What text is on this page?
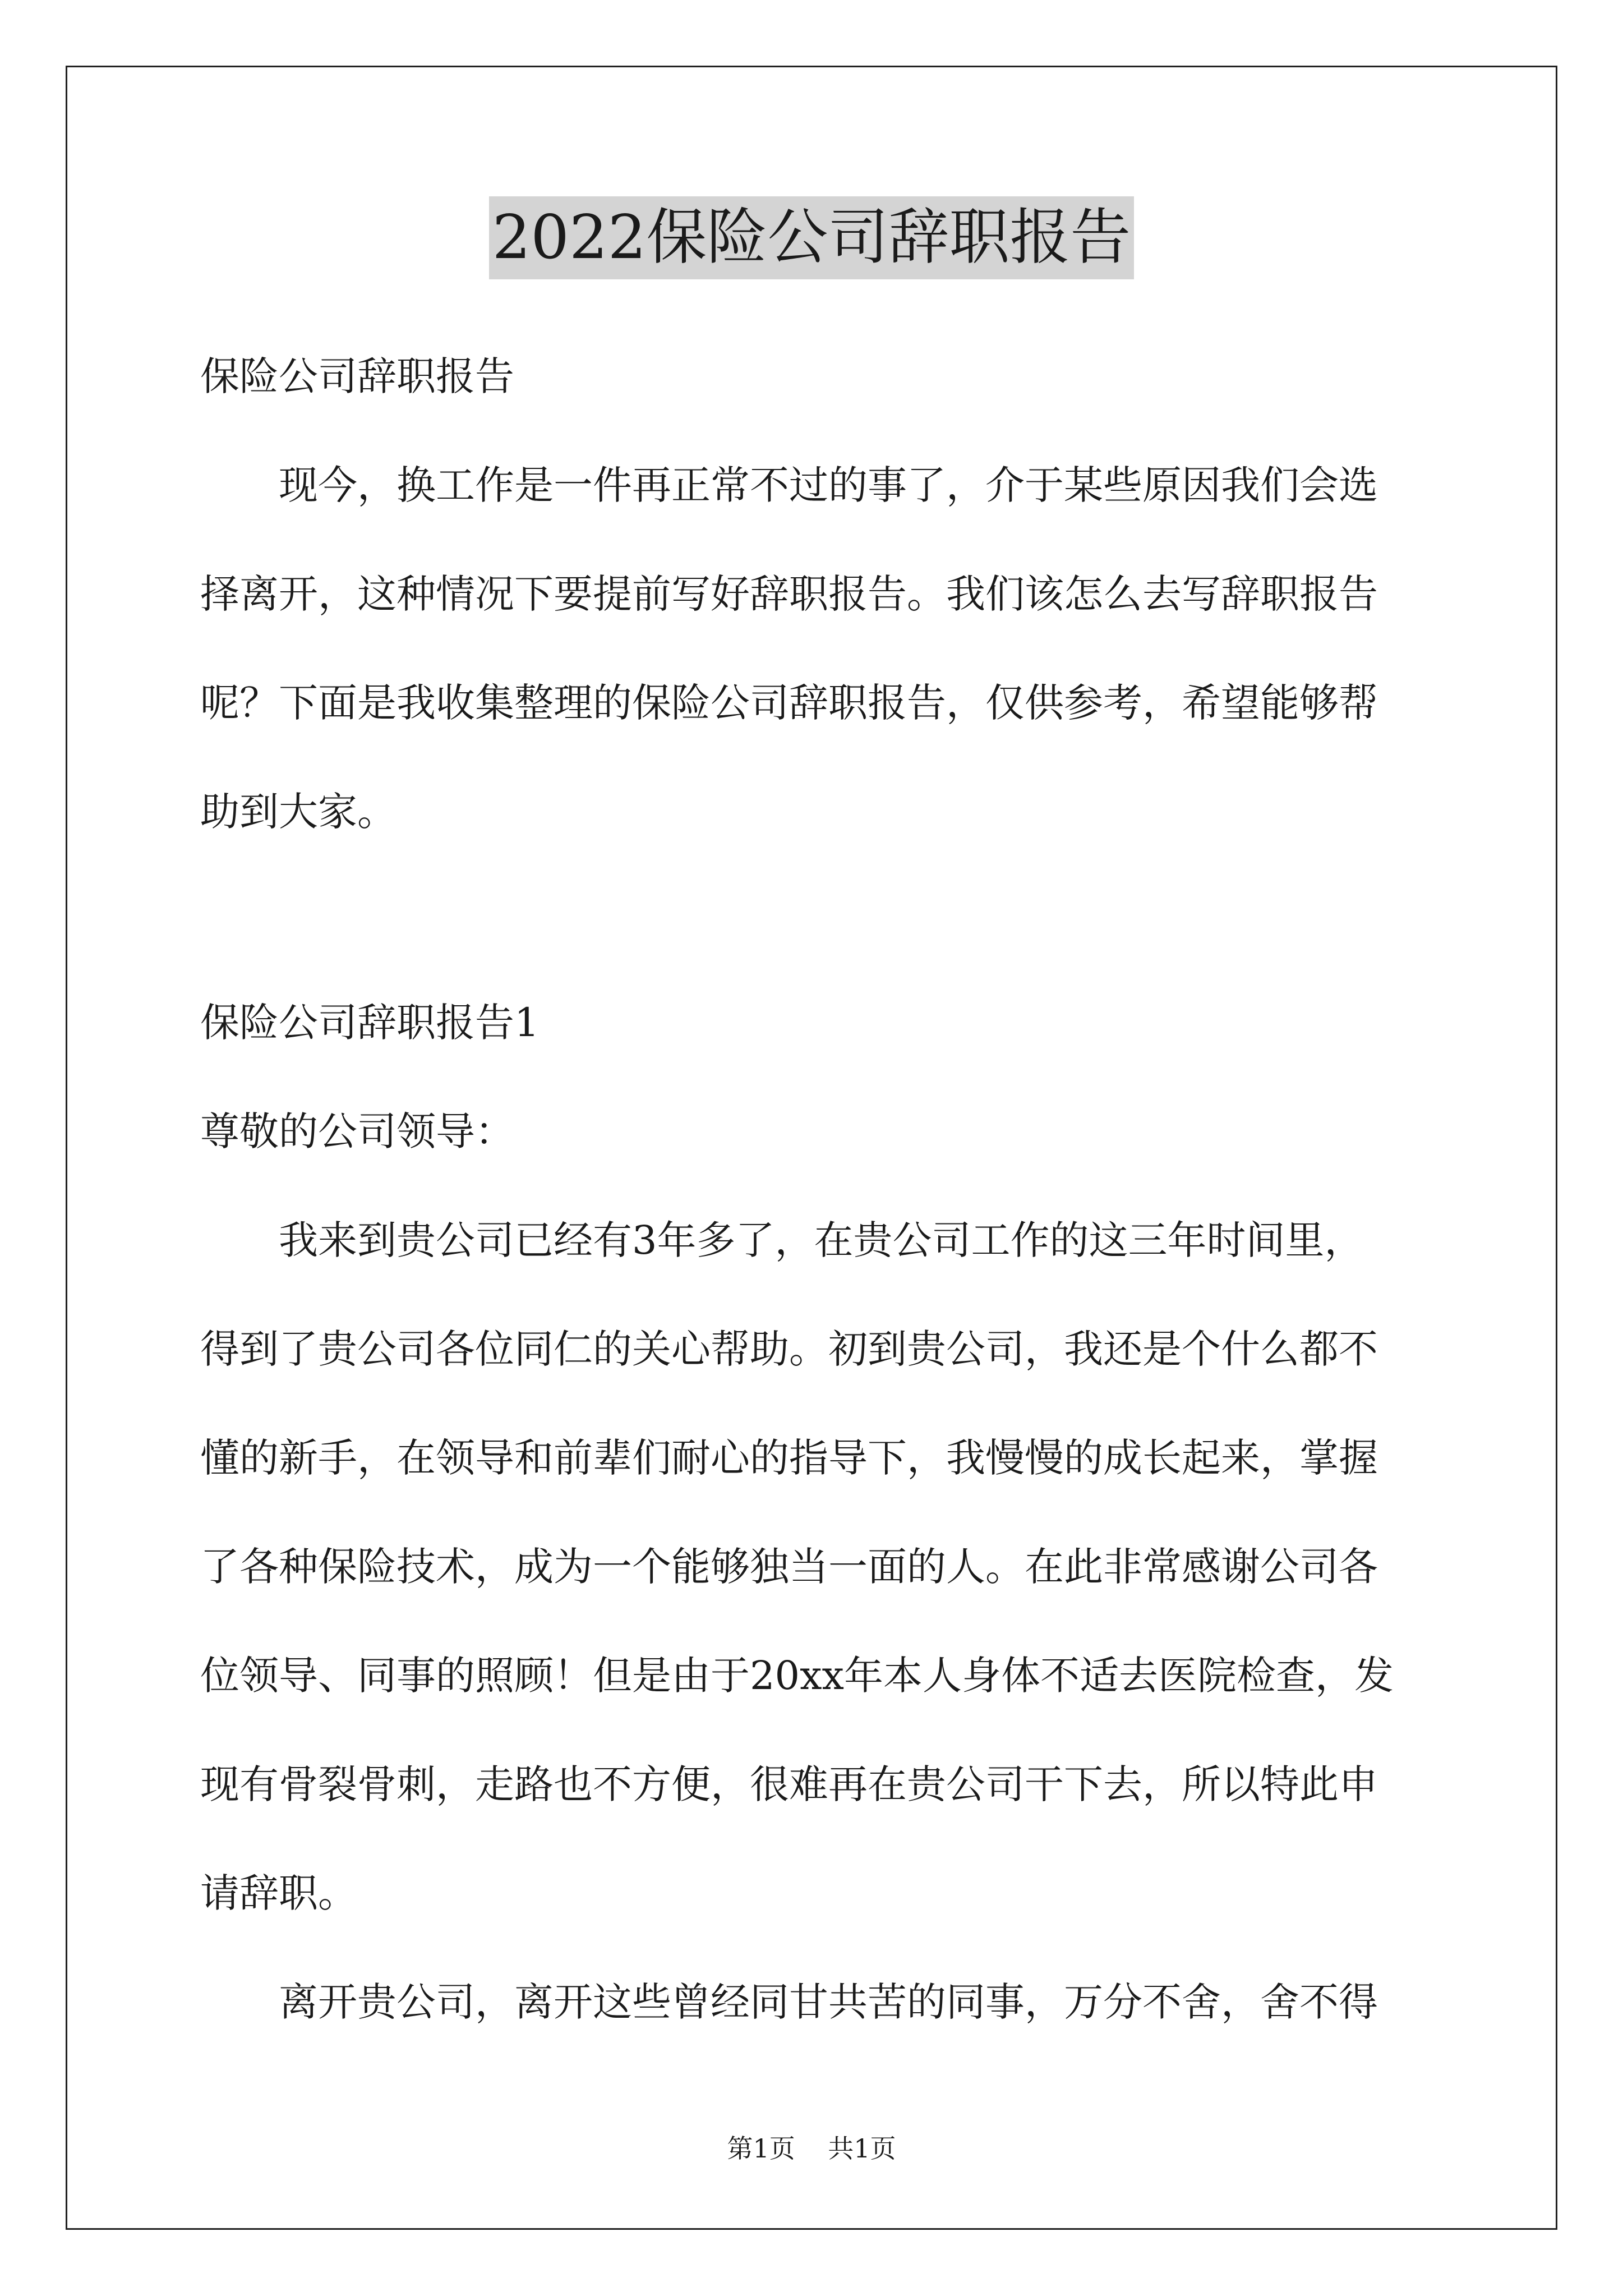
2022保险公司辞职报告
保险公司辞职报告
现今，换工作是一件再正常不过的事了，介于某些原因我们会选
择离开，这种情况下要提前写好辞职报告。我们该怎么去写辞职报告
呢？下面是我收集整理的保险公司辞职报告，仅供参考，希望能够帮
助到大家。
保险公司辞职报告1
尊敬的公司领导：
我来到贵公司已经有3年多了，在贵公司工作的这三年时间里，
得到了贵公司各位同仁的关心帮助。初到贵公司，我还是个什么都不
懂的新手，在领导和前辈们耐心的指导下，我慢慢的成长起来，掌握
了各种保险技术，成为一个能够独当一面的人。在此非常感谢公司各
位领导、同事的照顾！但是由于20xx年本人身体不适去医院检查，发
现有骨裂骨刺，走路也不方便，很难再在贵公司干下去，所以特此申
请辞职。
离开贵公司，离开这些曾经同甘共苦的同事，万分不舍，舍不得
第1页    共1页
